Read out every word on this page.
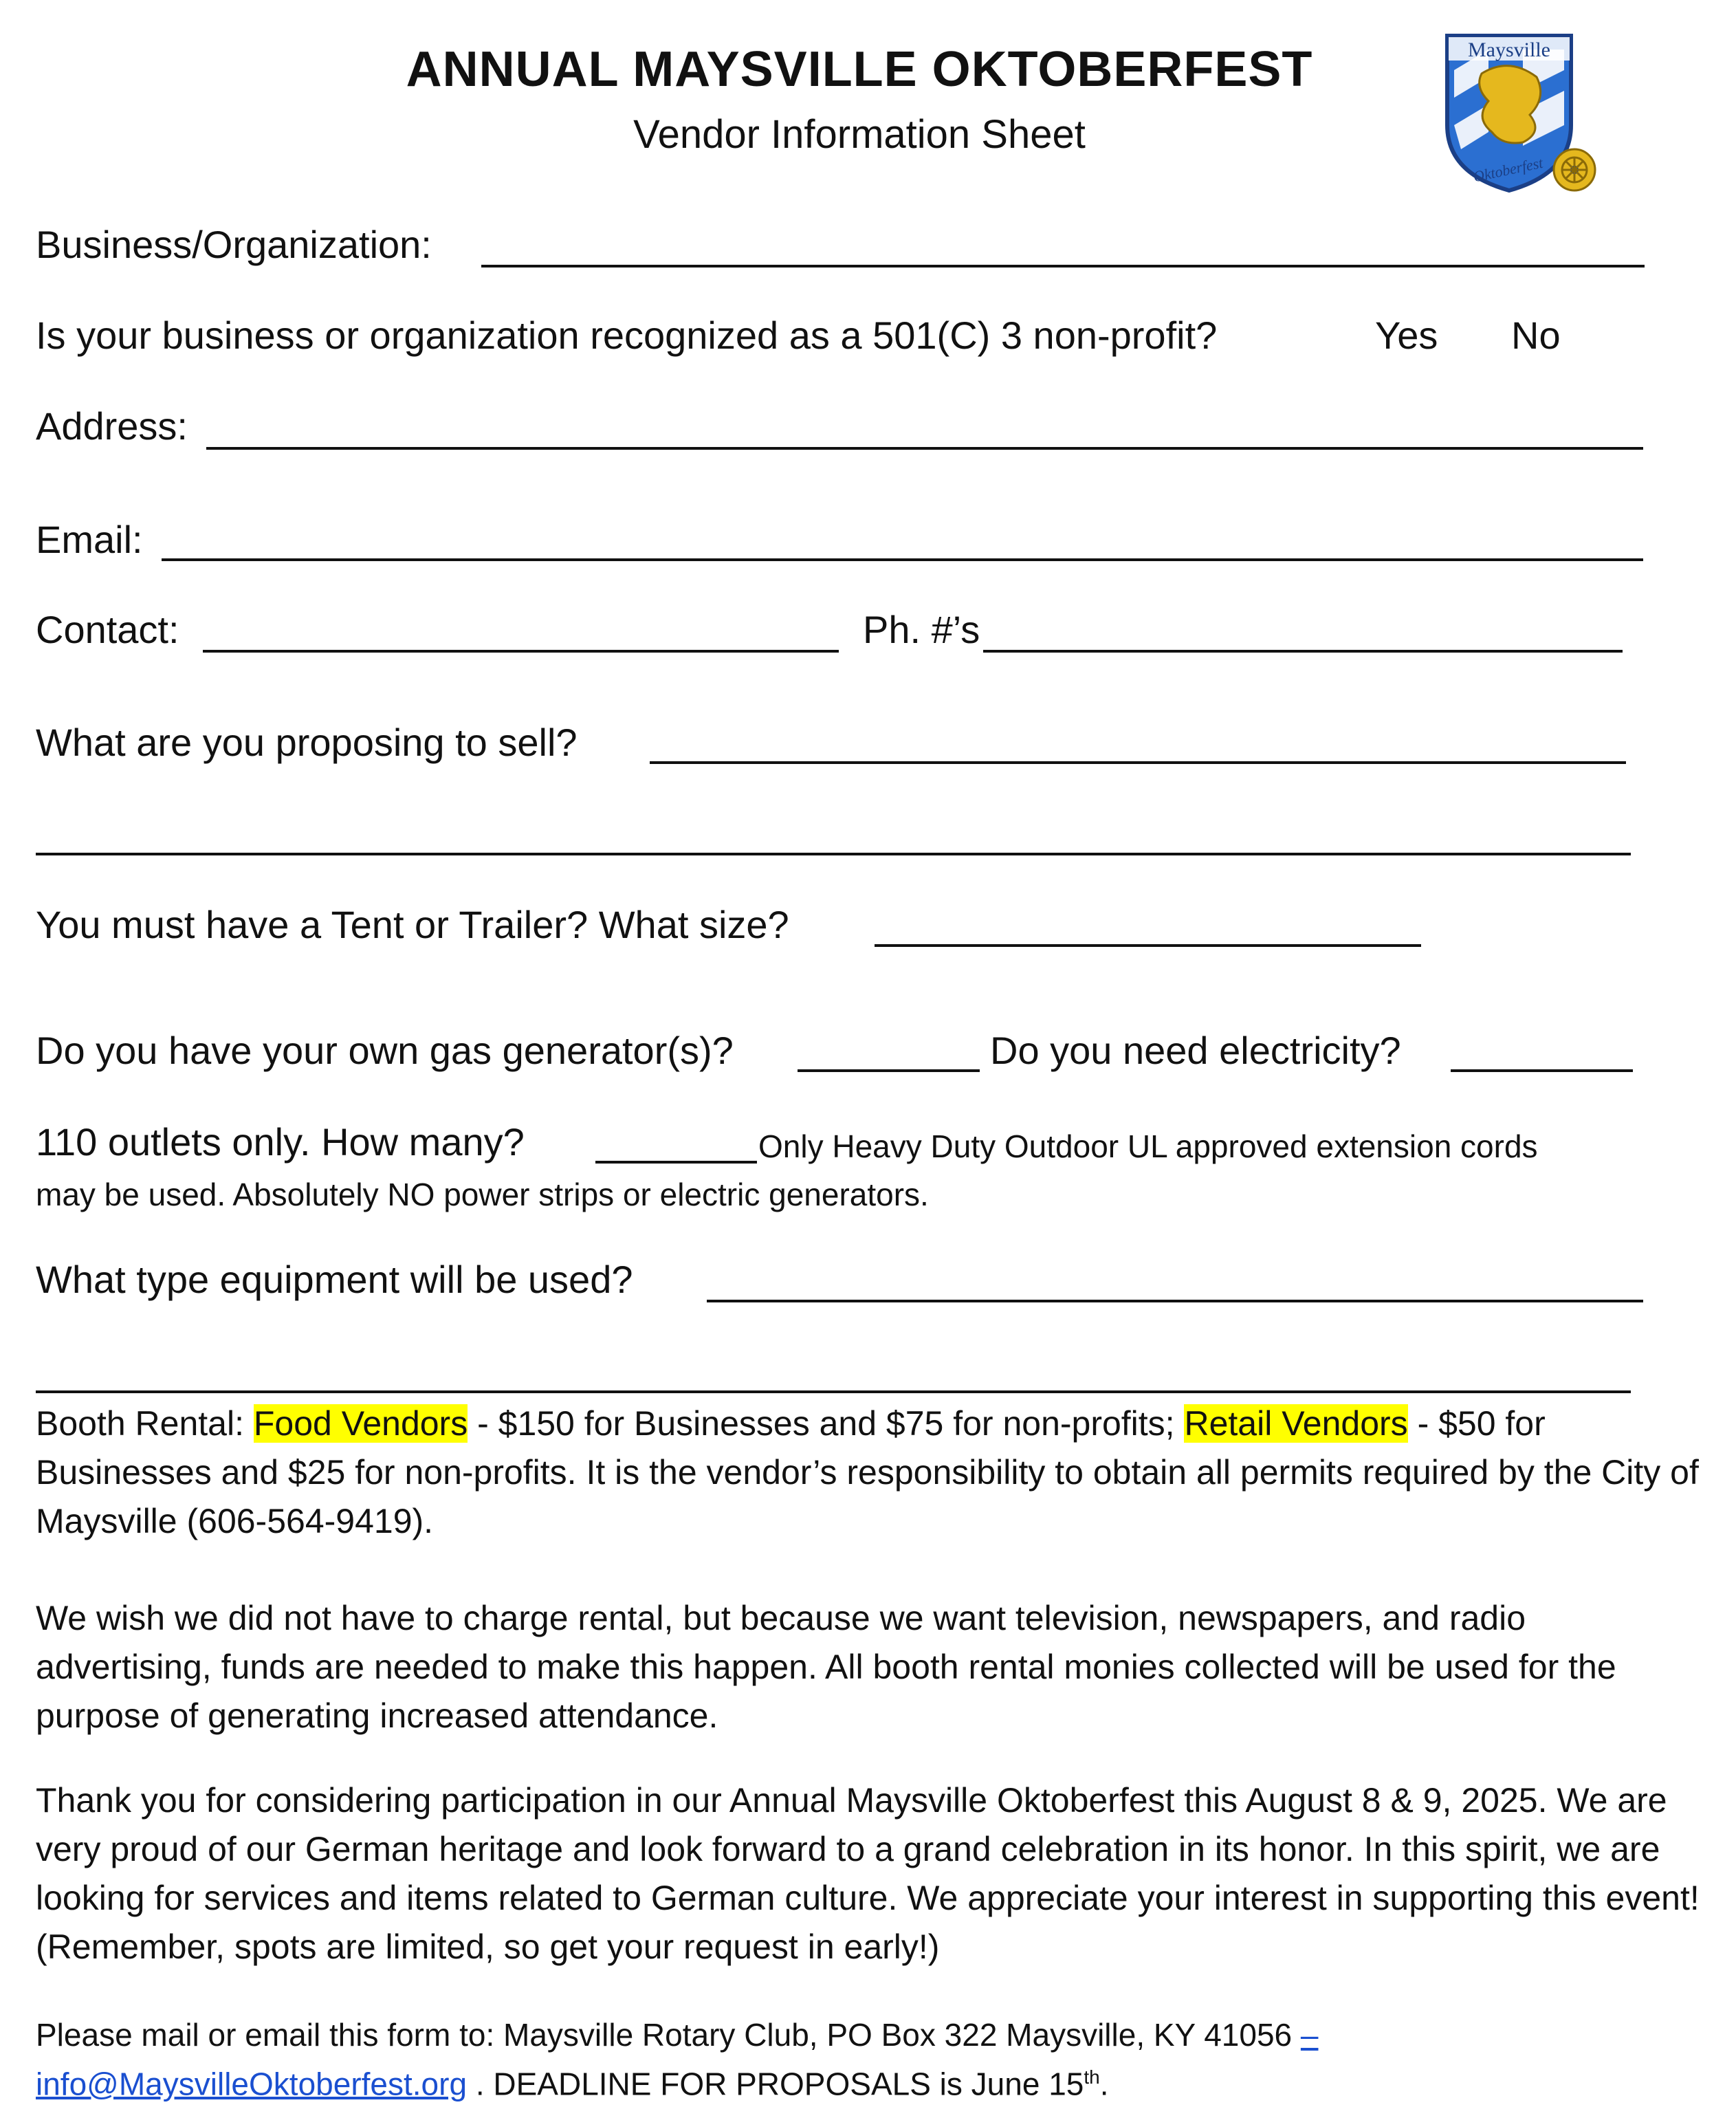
ANNUAL MAYSVILLE OKTOBERFEST
Vendor Information Sheet
Maysville
Oktoberfest
Business/Organization:
Is your business or organization recognized as a 501(C) 3 non-profit?	Yes No
Address:
Email:
Contact:	Ph. #’s
What are you proposing to sell?
You must have a Tent or Trailer? What size?
Do you have your own gas generator(s)?	Do you need electricity?
110 outlets only. How many?	Only Heavy Duty Outdoor UL approved extension cords
may be used. Absolutely NO power strips or electric generators.
What type equipment will be used?
Booth Rental: Food Vendors - $150 for Businesses and $75 for non-profits; Retail Vendors - $50 for Businesses and $25 for non-profits. It is the vendor’s responsibility to obtain all permits required by the City of Maysville (606-564-9419).
We wish we did not have to charge rental, but because we want television, newspapers, and radio advertising, funds are needed to make this happen. All booth rental monies collected will be used for the purpose of generating increased attendance.
Thank you for considering participation in our Annual Maysville Oktoberfest this August 8 & 9, 2025. We are very proud of our German heritage and look forward to a grand celebration in its honor. In this spirit, we are looking for services and items related to German culture. We appreciate your interest in supporting this event! (Remember, spots are limited, so get your request in early!)
Please mail or email this form to: Maysville Rotary Club, PO Box 322 Maysville, KY 41056 –
info@MaysvilleOktoberfest.org . DEADLINE FOR PROPOSALS is June 15th.
